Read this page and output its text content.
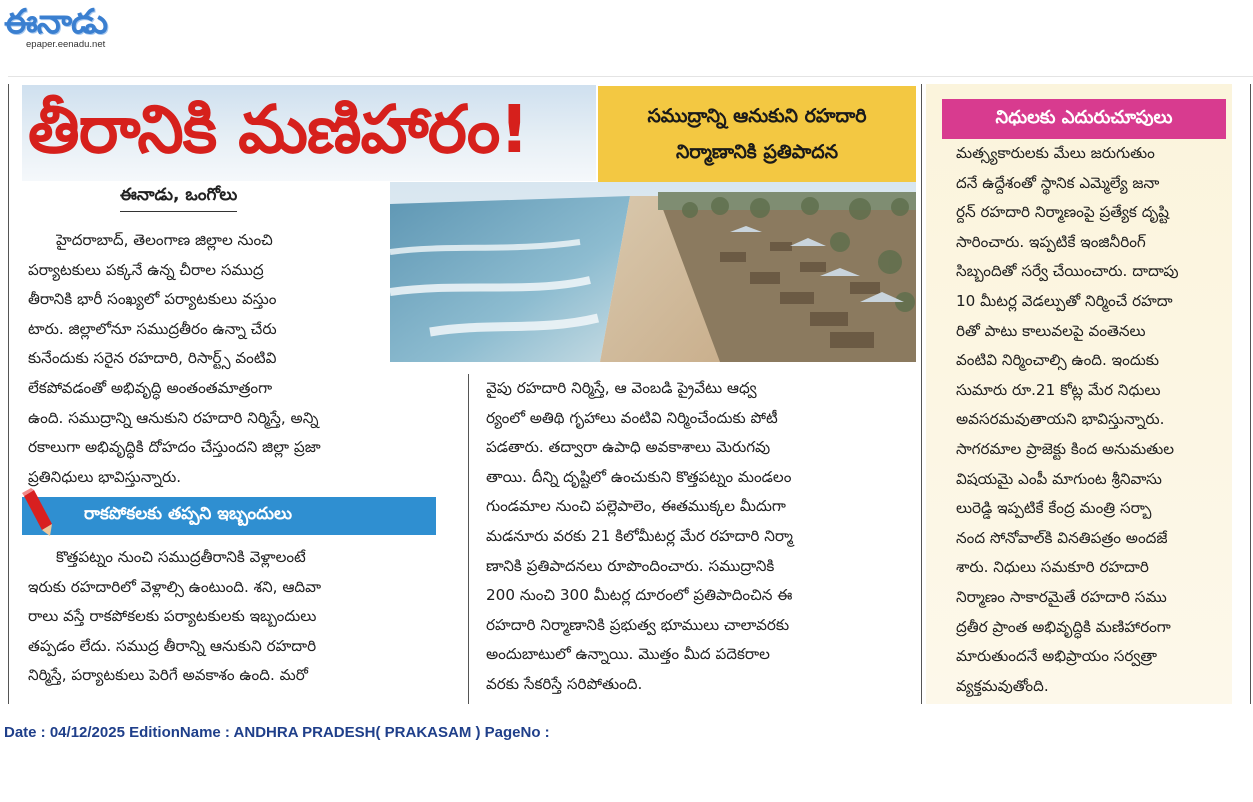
ఈనాడు
epaper.eenadu.net
తీరానికి మణిహారం!	సముద్రాన్ని ఆనుకుని రహదారి
నిర్మాణానికి ప్రతిపాదన
ఈనాడు, ఒంగోలు
హైదరాబాద్, తెలంగాణ జిల్లాల నుంచి
పర్యాటకులు పక్కనే ఉన్న చీరాల సముద్ర
తీరానికి భారీ సంఖ్యలో పర్యాటకులు వస్తుం
టారు. జిల్లాలోనూ సముద్రతీరం ఉన్నా చేరు
కునేందుకు సరైన రహదారి, రిసార్ట్స్ వంటివి
లేకపోవడంతో అభివృద్ధి అంతంతమాత్రంగా
ఉంది. సముద్రాన్ని ఆనుకుని రహదారి నిర్మిస్తే, అన్ని
రకాలుగా అభివృద్ధికి దోహదం చేస్తుందని జిల్లా ప్రజా
ప్రతినిధులు భావిస్తున్నారు.
రాకపోకలకు తప్పని ఇబ్బందులు
కొత్తపట్నం నుంచి సముద్రతీరానికి వెళ్లాలంటే
ఇరుకు రహదారిలో వెళ్లాల్సి ఉంటుంది. శని, ఆదివా
రాలు వస్తే రాకపోకలకు పర్యాటకులకు ఇబ్బందులు
తప్పడం లేదు. సముద్ర తీరాన్ని ఆనుకుని రహదారి
నిర్మిస్తే, పర్యాటకులు పెరిగే అవకాశం ఉంది. మరో
వైపు రహదారి నిర్మిస్తే, ఆ వెంబడి ప్రైవేటు ఆధ్వ
ర్యంలో అతిథి గృహాలు వంటివి నిర్మించేందుకు పోటీ
పడతారు. తద్వారా ఉపాధి అవకాశాలు మెరుగవు
తాయి. దీన్ని దృష్టిలో ఉంచుకుని కొత్తపట్నం మండలం
గుండమాల నుంచి పల్లెపాలెం, ఈతముక్కల మీదుగా
మడనూరు వరకు 21 కిలోమీటర్ల మేర రహదారి నిర్మా
ణానికి ప్రతిపాదనలు రూపొందించారు. సముద్రానికి
200 నుంచి 300 మీటర్ల దూరంలో ప్రతిపాదించిన ఈ
రహదారి నిర్మాణానికి ప్రభుత్వ భూములు చాలావరకు
అందుబాటులో ఉన్నాయి. మొత్తం మీద పదెకరాల
వరకు సేకరిస్తే సరిపోతుంది.
నిధులకు ఎదురుచూపులు
మత్స్యకారులకు మేలు జరుగుతుం
దనే ఉద్దేశంతో స్థానిక ఎమ్మెల్యే జనా
ర్దన్ రహదారి నిర్మాణంపై ప్రత్యేక దృష్టి
సారించారు. ఇప్పటికే ఇంజినీరింగ్
సిబ్బందితో సర్వే చేయించారు. దాదాపు
10 మీటర్ల వెడల్పుతో నిర్మించే రహదా
రితో పాటు కాలువలపై వంతెనలు
వంటివి నిర్మించాల్సి ఉంది. ఇందుకు
సుమారు రూ.21 కోట్ల మేర నిధులు
అవసరమవుతాయని భావిస్తున్నారు.
సాగరమాల ప్రాజెక్టు కింద అనుమతుల
విషయమై ఎంపీ మాగుంట శ్రీనివాసు
లురెడ్డి ఇప్పటికే కేంద్ర మంత్రి సర్బా
నంద సోనోవాల్‌కి వినతిపత్రం అందజే
శారు. నిధులు సమకూరి రహదారి
నిర్మాణం సాకారమైతే రహదారి సము
ద్రతీర ప్రాంత అభివృద్ధికి మణిహారంగా
మారుతుందనే అభిప్రాయం సర్వత్రా
వ్యక్తమవుతోంది.
Date : 04/12/2025 EditionName : ANDHRA PRADESH( PRAKASAM ) PageNo :
